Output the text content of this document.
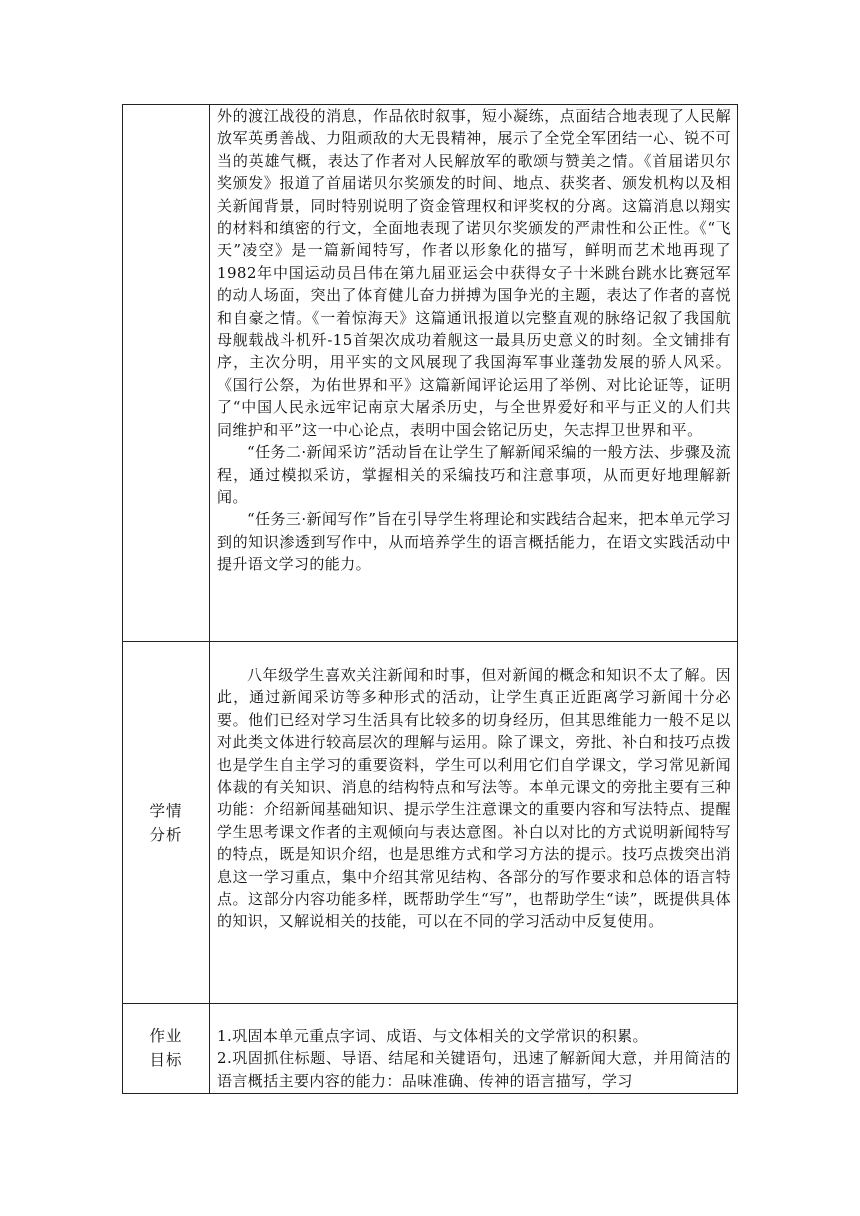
	外的渡江战役的消息，作品依时叙事，短小凝练，点面结合地表现了人民解放军英勇善战、力阻顽敌的大无畏精神，展示了全党全军团结一心、锐不可当的英雄气概，表达了作者对人民解放军的歌颂与赞美之情。《首届诺贝尔奖颁发》报道了首届诺贝尔奖颁发的时间、地点、获奖者、颁发机构以及相关新闻背景，同时特别说明了资金管理权和评奖权的分离。这篇消息以翔实的材料和缜密的行文，全面地表现了诺贝尔奖颁发的严肃性和公正性。《“飞天”凌空》是一篇新闻特写，作者以形象化的描写，鲜明而艺术地再现了1982年中国运动员吕伟在第九届亚运会中获得女子十米跳台跳水比赛冠军的动人场面，突出了体育健儿奋力拼搏为国争光的主题，表达了作者的喜悦和自豪之情。《一着惊海天》这篇通讯报道以完整直观的脉络记叙了我国航母舰载战斗机歼-15首架次成功着舰这一最具历史意义的时刻。全文铺排有序，主次分明，用平实的文风展现了我国海军事业蓬勃发展的骄人风采。《国行公祭，为佑世界和平》这篇新闻评论运用了举例、对比论证等，证明了“中国人民永远牢记南京大屠杀历史，与全世界爱好和平与正义的人们共同维护和平”这一中心论点，表明中国会铭记历史，矢志捍卫世界和平。

“任务二·新闻采访”活动旨在让学生了解新闻采编的一般方法、步骤及流程，通过模拟采访，掌握相关的采编技巧和注意事项，从而更好地理解新闻。

“任务三·新闻写作”旨在引导学生将理论和实践结合起来，把本单元学习到的知识渗透到写作中，从而培养学生的语言概括能力，在语文实践活动中提升语文学习的能力。

学情分析	八年级学生喜欢关注新闻和时事，但对新闻的概念和知识不太了解。因此，通过新闻采访等多种形式的活动，让学生真正近距离学习新闻十分必要。他们已经对学习生活具有比较多的切身经历，但其思维能力一般不足以对此类文体进行较高层次的理解与运用。除了课文，旁批、补白和技巧点拨也是学生自主学习的重要资料，学生可以利用它们自学课文，学习常见新闻体裁的有关知识、消息的结构特点和写法等。本单元课文的旁批主要有三种功能：介绍新闻基础知识、提示学生注意课文的重要内容和写法特点、提醒学生思考课文作者的主观倾向与表达意图。补白以对比的方式说明新闻特写的特点，既是知识介绍，也是思维方式和学习方法的提示。技巧点拨突出消息这一学习重点，集中介绍其常见结构、各部分的写作要求和总体的语言特点。这部分内容功能多样，既帮助学生“写”，也帮助学生“读”，既提供具体的知识，又解说相关的技能，可以在不同的学习活动中反复使用。

作业目标	1.巩固本单元重点字词、成语、与文体相关的文学常识的积累。

2.巩固抓住标题、导语、结尾和关键语句，迅速了解新闻大意，并用简洁的语言概括主要内容的能力：品味准确、传神的语言描写，学习
